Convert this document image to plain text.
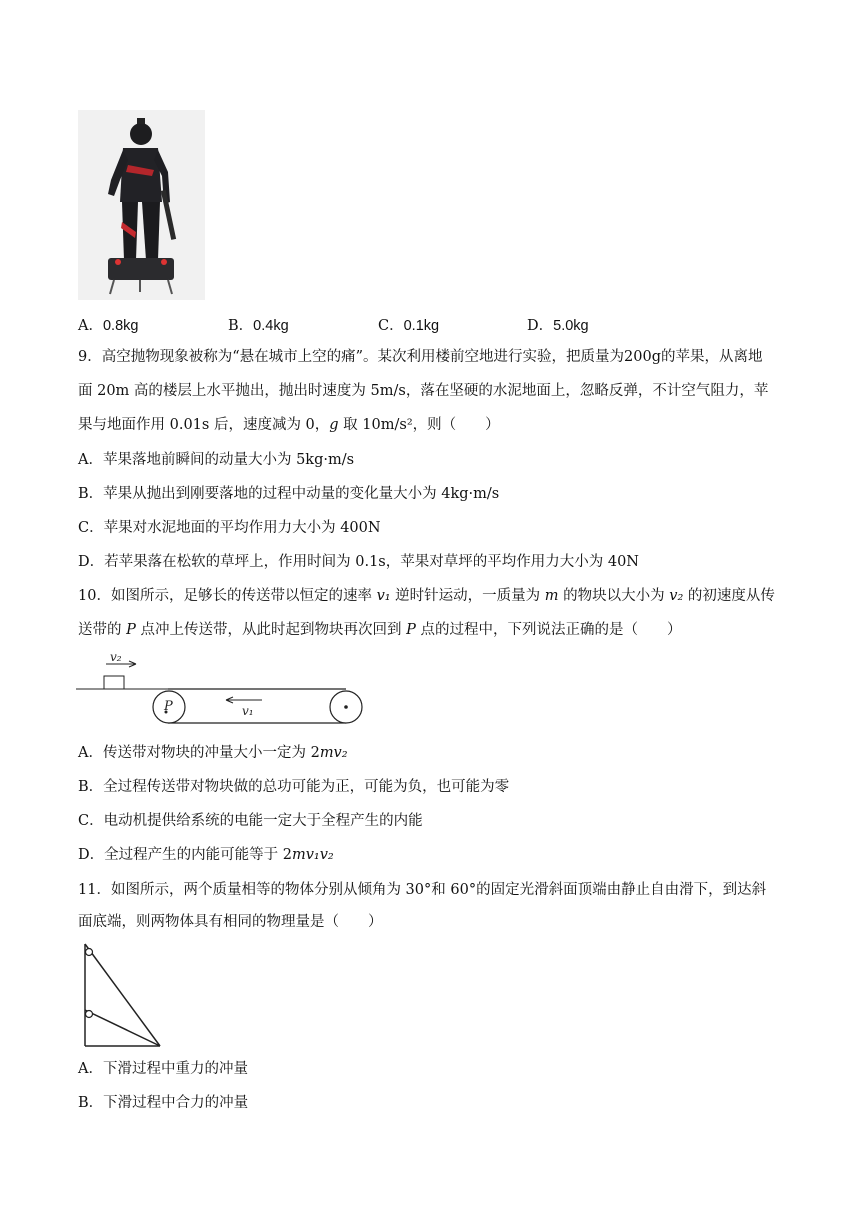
A．0.8kg	B．0.4kg	C．0.1kg	D．5.0kg
9．高空抛物现象被称为“悬在城市上空的痛”。某次利用楼前空地进行实验，把质量为200g的苹果，从离地
面 20m 高的楼层上水平抛出，抛出时速度为 5m/s，落在坚硬的水泥地面上，忽略反弹，不计空气阻力，苹
果与地面作用 0.01s 后，速度减为 0，g 取 10m/s²，则（　　）
A．苹果落地前瞬间的动量大小为 5kg·m/s
B．苹果从抛出到刚要落地的过程中动量的变化量大小为 4kg·m/s
C．苹果对水泥地面的平均作用力大小为 400N
D．若苹果落在松软的草坪上，作用时间为 0.1s，苹果对草坪的平均作用力大小为 40N
10．如图所示，足够长的传送带以恒定的速率 v₁ 逆时针运动，一质量为 m 的物块以大小为 v₂ 的初速度从传
送带的 P 点冲上传送带，从此时起到物块再次回到 P 点的过程中，下列说法正确的是（　　）
v₂
P	v₁
A．传送带对物块的冲量大小一定为 2mv₂
B．全过程传送带对物块做的总功可能为正，可能为负，也可能为零
C．电动机提供给系统的电能一定大于全程产生的内能
D．全过程产生的内能可能等于 2mv₁v₂
11．如图所示，两个质量相等的物体分别从倾角为 30°和 60°的固定光滑斜面顶端由静止自由滑下，到达斜
面底端，则两物体具有相同的物理量是（　　）
A．下滑过程中重力的冲量
B．下滑过程中合力的冲量
